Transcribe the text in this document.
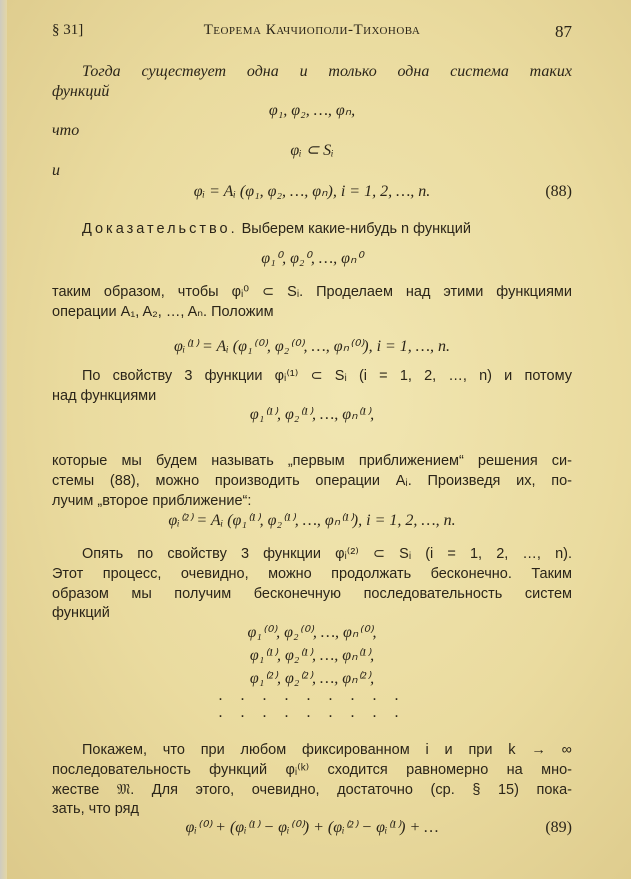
§ 31]	Теорема Каччиополи-Тихонова	87
Тогда существует одна и только одна система таких
функций
φ₁, φ₂, …, φₙ,
что
φᵢ ⊂ Sᵢ
и
φᵢ = Aᵢ (φ₁, φ₂, …, φₙ), i = 1, 2, …, n.	(88)
Доказательство. Выберем какие-нибудь n функций
φ₁⁰, φ₂⁰, …, φₙ⁰
таким образом, чтобы φᵢ⁰ ⊂ Sᵢ. Проделаем над этими функциями
операции A₁, A₂, …, Aₙ. Положим
φᵢ⁽¹⁾ = Aᵢ (φ₁⁽⁰⁾, φ₂⁽⁰⁾, …, φₙ⁽⁰⁾), i = 1, …, n.
По свойству 3 функции φᵢ⁽¹⁾ ⊂ Sᵢ (i = 1, 2, …, n) и потому
над функциями
φ₁⁽¹⁾, φ₂⁽¹⁾, …, φₙ⁽¹⁾,
которые мы будем называть „первым приближением“ решения си-
стемы (88), можно производить операции Aᵢ. Произведя их, по-
лучим „второе приближение“:
φᵢ⁽²⁾ = Aᵢ (φ₁⁽¹⁾, φ₂⁽¹⁾, …, φₙ⁽¹⁾), i = 1, 2, …, n.
Опять по свойству 3 функции φᵢ⁽²⁾ ⊂ Sᵢ (i = 1, 2, …, n).
Этот процесс, очевидно, можно продолжать бесконечно. Таким
образом мы получим бесконечную последовательность систем
функций
φ₁⁽⁰⁾, φ₂⁽⁰⁾, …, φₙ⁽⁰⁾,
φ₁⁽¹⁾, φ₂⁽¹⁾, …, φₙ⁽¹⁾,
φ₁⁽²⁾, φ₂⁽²⁾, …, φₙ⁽²⁾,
. . . . . . . . .
. . . . . . . . .
Покажем, что при любом фиксированном i и при k → ∞
последовательность функций φᵢ⁽ᵏ⁾ сходится равномерно на мно-
жестве 𝔐. Для этого, очевидно, достаточно (ср. § 15) пока-
зать, что ряд
φᵢ⁽⁰⁾ + (φᵢ⁽¹⁾ − φᵢ⁽⁰⁾) + (φᵢ⁽²⁾ − φᵢ⁽¹⁾) + …	(89)
